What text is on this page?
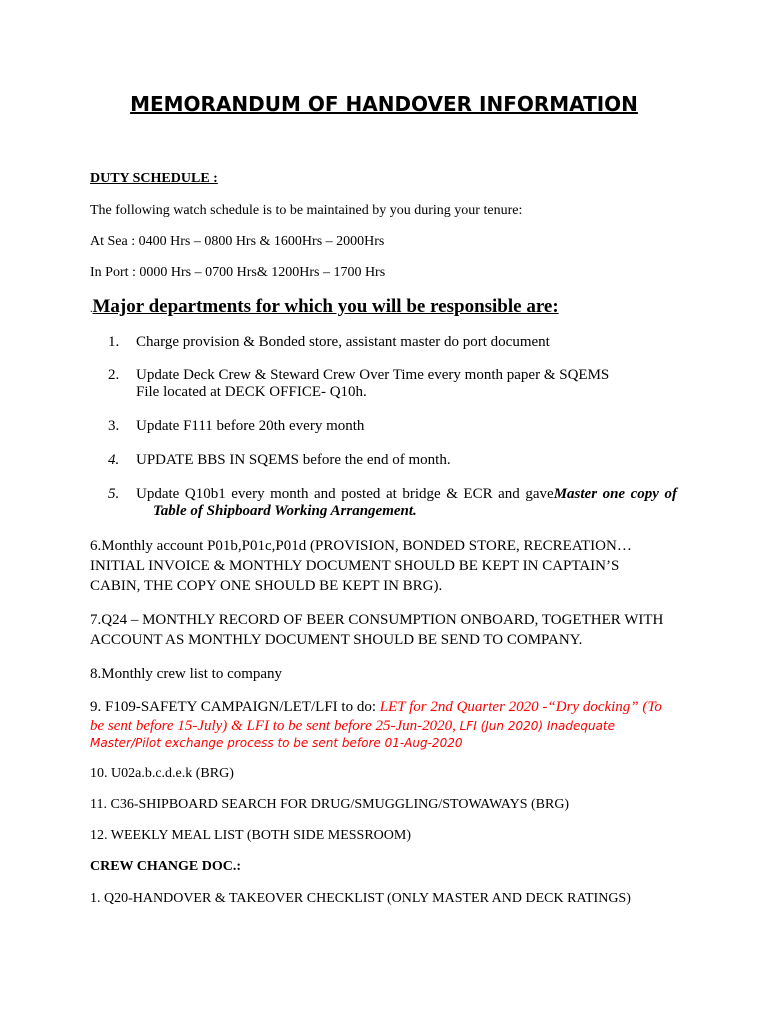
MEMORANDUM OF HANDOVER INFORMATION
DUTY SCHEDULE :
The following watch schedule is to be maintained by you during your tenure:
At Sea : 0400 Hrs – 0800 Hrs & 1600Hrs – 2000Hrs
In Port : 0000 Hrs – 0700 Hrs& 1200Hrs – 1700 Hrs
.Major departments for which you will be responsible are:
1. Charge provision & Bonded store, assistant master do port document
2. Update Deck Crew & Steward Crew Over Time every month paper & SQEMS
File located at DECK OFFICE- Q10h.
3. Update F111 before 20th every month
4. UPDATE BBS IN SQEMS before the end of month.
5. Update Q10b1 every month and posted at bridge & ECR and gaveMaster one copy of
Table of Shipboard Working Arrangement.
6.Monthly account P01b,P01c,P01d (PROVISION, BONDED STORE, RECREATION…
INITIAL INVOICE & MONTHLY DOCUMENT SHOULD BE KEPT IN CAPTAIN’S
CABIN, THE COPY ONE SHOULD BE KEPT IN BRG).
7.Q24 – MONTHLY RECORD OF BEER CONSUMPTION ONBOARD, TOGETHER WITH
ACCOUNT AS MONTHLY DOCUMENT SHOULD BE SEND TO COMPANY.
8.Monthly crew list to company
9. F109-SAFETY CAMPAIGN/LET/LFI to do: LET for 2nd Quarter 2020 -“Dry docking” (To
be sent before 15-July) & LFI to be sent before 25-Jun-2020, LFI (Jun 2020) Inadequate
Master/Pilot exchange process to be sent before 01-Aug-2020
10. U02a.b.c.d.e.k (BRG)
11. C36-SHIPBOARD SEARCH FOR DRUG/SMUGGLING/STOWAWAYS (BRG)
12. WEEKLY MEAL LIST (BOTH SIDE MESSROOM)
CREW CHANGE DOC.:
1. Q20-HANDOVER & TAKEOVER CHECKLIST (ONLY MASTER AND DECK RATINGS)
